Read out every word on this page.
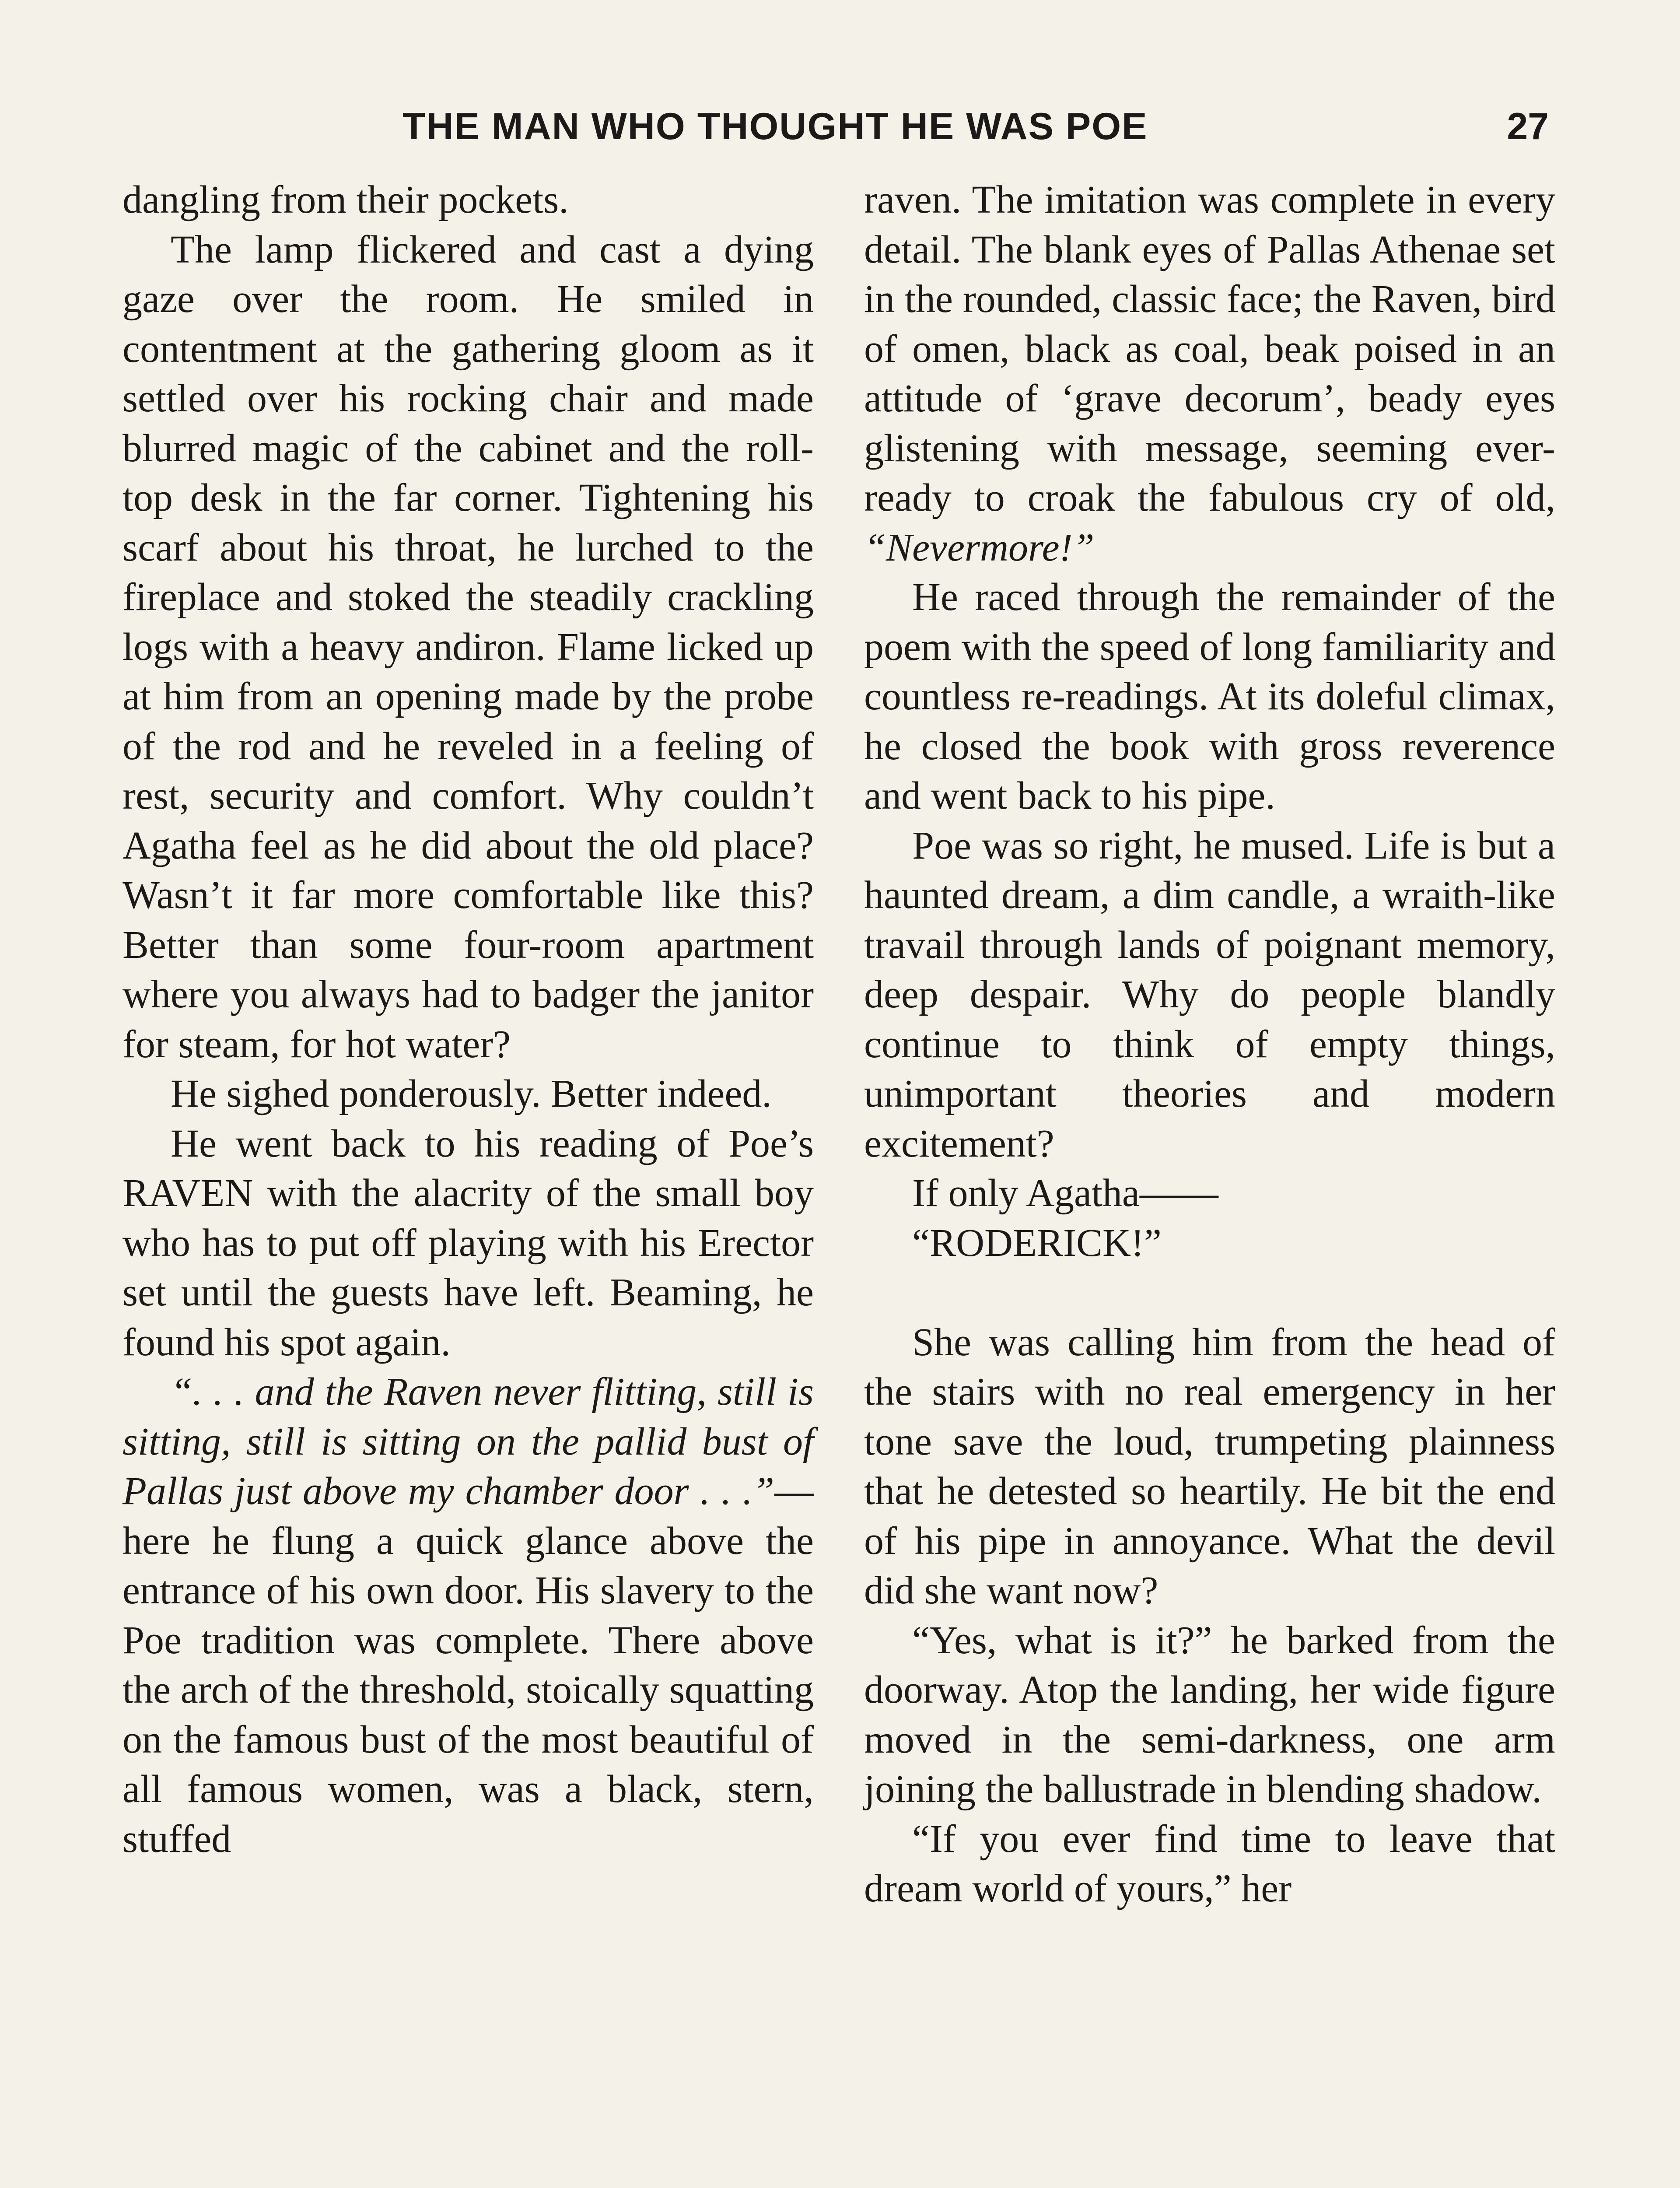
THE MAN WHO THOUGHT HE WAS POE	27

dangling from their pockets.

The lamp flickered and cast a dying gaze over the room. He smiled in contentment at the gathering gloom as it settled over his rocking chair and made blurred magic of the cabinet and the roll-top desk in the far corner. Tightening his scarf about his throat, he lurched to the fireplace and stoked the steadily crackling logs with a heavy andiron. Flame licked up at him from an opening made by the probe of the rod and he reveled in a feeling of rest, security and comfort. Why couldn’t Agatha feel as he did about the old place? Wasn’t it far more comfortable like this? Better than some four-room apartment where you always had to badger the janitor for steam, for hot water?

He sighed ponderously. Better indeed.

He went back to his reading of Poe’s RAVEN with the alacrity of the small boy who has to put off playing with his Erector set until the guests have left. Beaming, he found his spot again.

“. . . and the Raven never flitting, still is sitting, still is sitting on the pallid bust of Pallas just above my chamber door . . .”— here he flung a quick glance above the entrance of his own door. His slavery to the Poe tradition was complete. There above the arch of the threshold, stoically squatting on the famous bust of the most beautiful of all famous women, was a black, stern, stuffed

raven. The imitation was complete in every detail. The blank eyes of Pallas Athenae set in the rounded, classic face; the Raven, bird of omen, black as coal, beak poised in an attitude of ‘grave decorum’, beady eyes glistening with message, seeming ever-ready to croak the fabulous cry of old, “Nevermore!”

He raced through the remainder of the poem with the speed of long familiarity and countless re-readings. At its doleful climax, he closed the book with gross reverence and went back to his pipe.

Poe was so right, he mused. Life is but a haunted dream, a dim candle, a wraith-like travail through lands of poignant memory, deep despair. Why do people blandly continue to think of empty things, unimportant theories and modern excitement?

If only Agatha——

“RODERICK!”

She was calling him from the head of the stairs with no real emergency in her tone save the loud, trumpeting plainness that he detested so heartily. He bit the end of his pipe in annoyance. What the devil did she want now?

“Yes, what is it?” he barked from the doorway. Atop the landing, her wide figure moved in the semi-darkness, one arm joining the ballustrade in blending shadow.

“If you ever find time to leave that dream world of yours,” her
